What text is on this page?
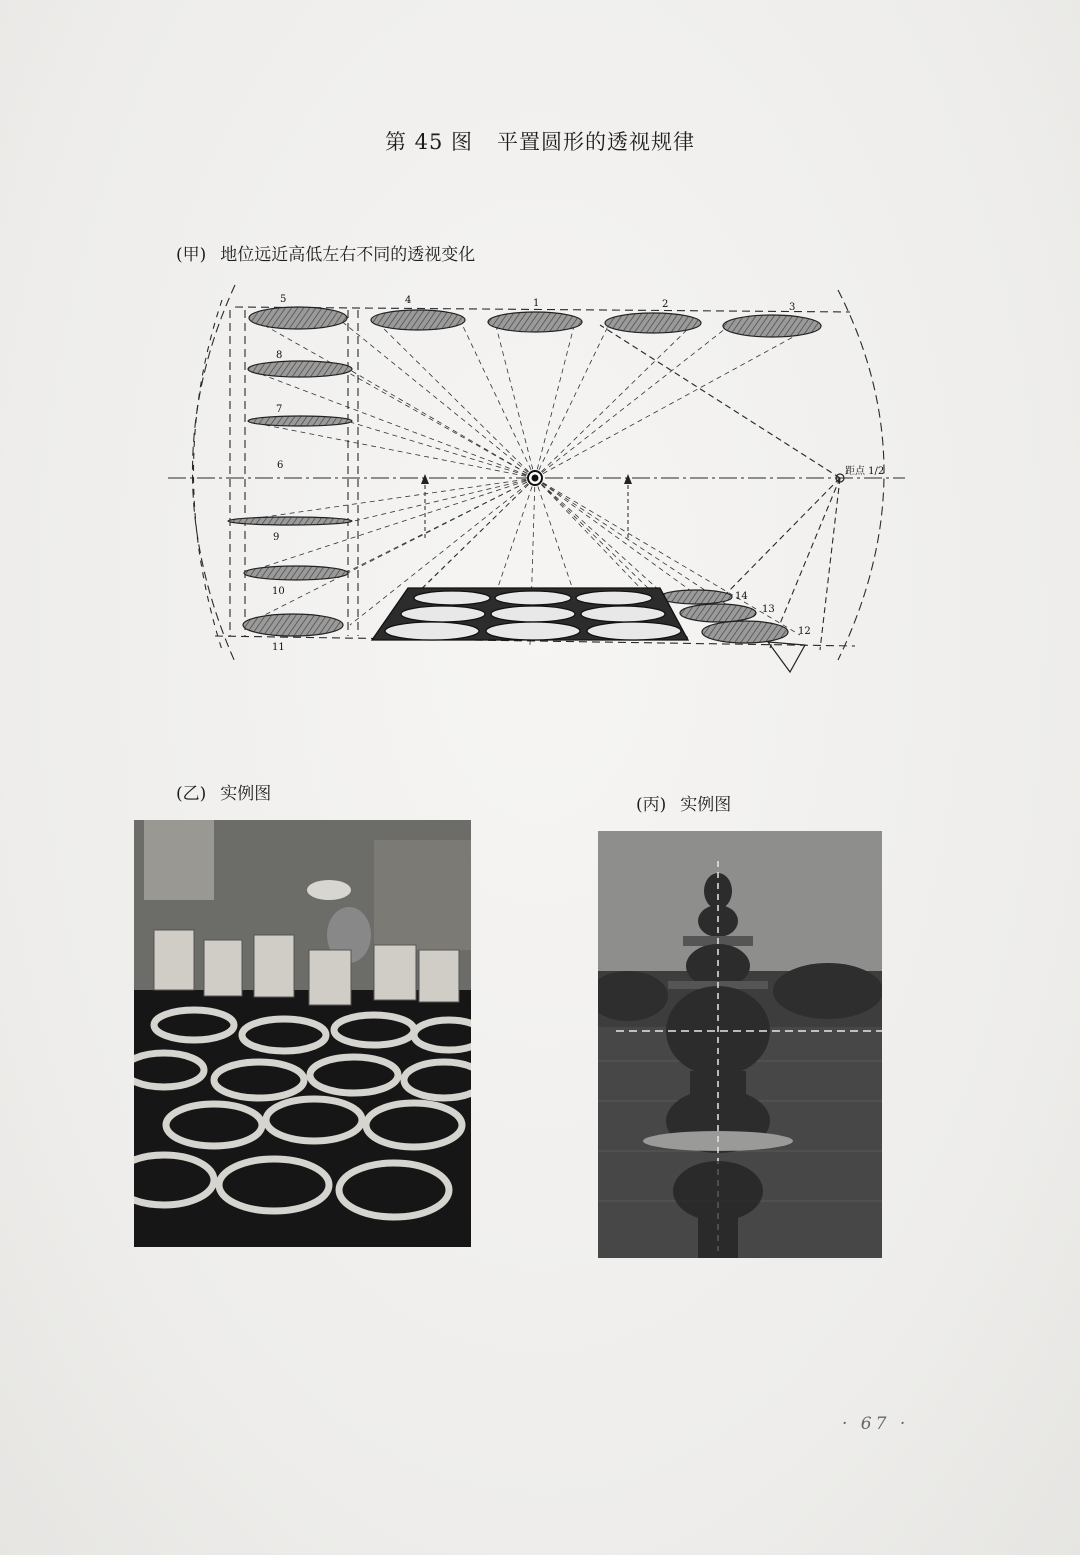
第 45 图 平置圆形的透视规律
(甲) 地位远近高低左右不同的透视变化
5	4	1	2	3
8
7
6
9
10
11
12
13
14
距点 1/2
(乙) 实例图
(丙) 实例图
· 67 ·
